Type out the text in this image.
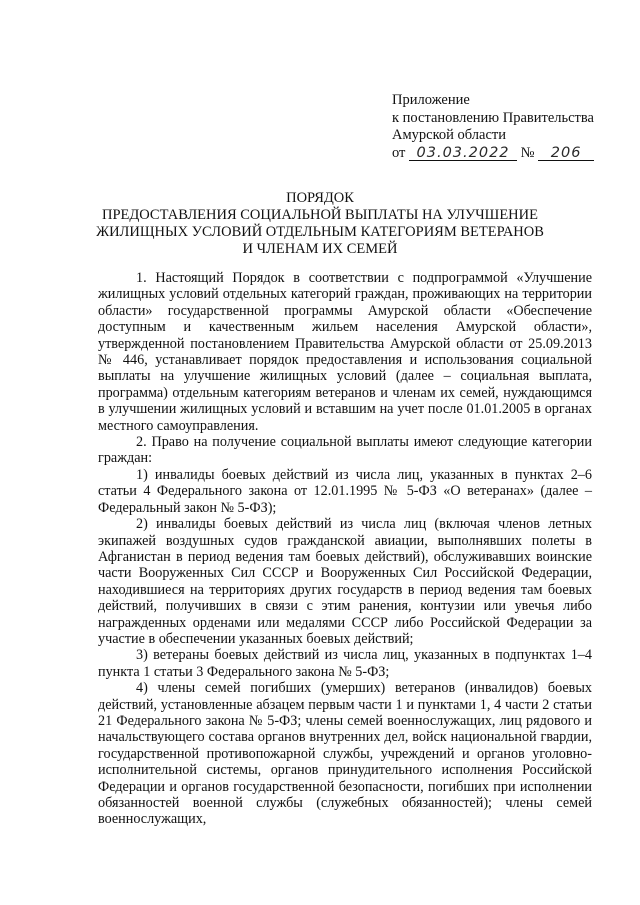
Приложение
к постановлению Правительства
Амурской области
от 03.03.2022 № 206
ПОРЯДОК
ПРЕДОСТАВЛЕНИЯ СОЦИАЛЬНОЙ ВЫПЛАТЫ НА УЛУЧШЕНИЕ
ЖИЛИЩНЫХ УСЛОВИЙ ОТДЕЛЬНЫМ КАТЕГОРИЯМ ВЕТЕРАНОВ
И ЧЛЕНАМ ИХ СЕМЕЙ

1. Настоящий Порядок в соответствии с подпрограммой «Улучшение жилищных условий отдельных категорий граждан, проживающих на территории области» государственной программы Амурской области «Обеспечение доступным и качественным жильем населения Амурской области», утвержденной постановлением Правительства Амурской области от 25.09.2013 № 446, устанавливает порядок предоставления и использования социальной выплаты на улучшение жилищных условий (далее – социальная выплата, программа) отдельным категориям ветеранов и членам их семей, нуждающимся в улучшении жилищных условий и вставшим на учет после 01.01.2005 в органах местного самоуправления.

2. Право на получение социальной выплаты имеют следующие категории граждан:

1) инвалиды боевых действий из числа лиц, указанных в пунктах 2–6 статьи 4 Федерального закона от 12.01.1995 № 5-ФЗ «О ветеранах» (далее – Федеральный закон № 5-ФЗ);

2) инвалиды боевых действий из числа лиц (включая членов летных экипажей воздушных судов гражданской авиации, выполнявших полеты в Афганистан в период ведения там боевых действий), обслуживавших воинские части Вооруженных Сил СССР и Вооруженных Сил Российской Федерации, находившиеся на территориях других государств в период ведения там боевых действий, получивших в связи с этим ранения, контузии или увечья либо награжденных орденами или медалями СССР либо Российской Федерации за участие в обеспечении указанных боевых действий;

3) ветераны боевых действий из числа лиц, указанных в подпунктах 1–4 пункта 1 статьи 3 Федерального закона № 5-ФЗ;

4) члены семей погибших (умерших) ветеранов (инвалидов) боевых действий, установленные абзацем первым части 1 и пунктами 1, 4 части 2 статьи 21 Федерального закона № 5-ФЗ; члены семей военнослужащих, лиц рядового и начальствующего состава органов внутренних дел, войск национальной гвардии, государственной противопожарной службы, учреждений и органов уголовно-исполнительной системы, органов принудительного исполнения Российской Федерации и органов государственной безопасности, погибших при исполнении обязанностей военной службы (служебных обязанностей); члены семей военнослужащих,
